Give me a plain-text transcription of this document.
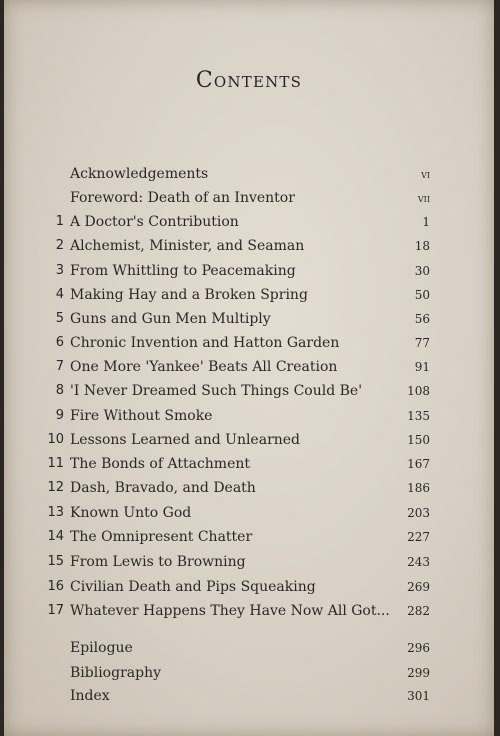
Contents
Acknowledgements	vi
Foreword: Death of an Inventor	vii
1 A Doctor's Contribution	1
2 Alchemist, Minister, and Seaman	18
3 From Whittling to Peacemaking	30
4 Making Hay and a Broken Spring	50
5 Guns and Gun Men Multiply	56
6 Chronic Invention and Hatton Garden	77
7 One More 'Yankee' Beats All Creation	91
8 'I Never Dreamed Such Things Could Be'	108
9 Fire Without Smoke	135
10 Lessons Learned and Unlearned	150
11 The Bonds of Attachment	167
12 Dash, Bravado, and Death	186
13 Known Unto God	203
14 The Omnipresent Chatter	227
15 From Lewis to Browning	243
16 Civilian Death and Pips Squeaking	269
17 Whatever Happens They Have Now All Got... 282
Epilogue	296
Bibliography	299
Index	301
